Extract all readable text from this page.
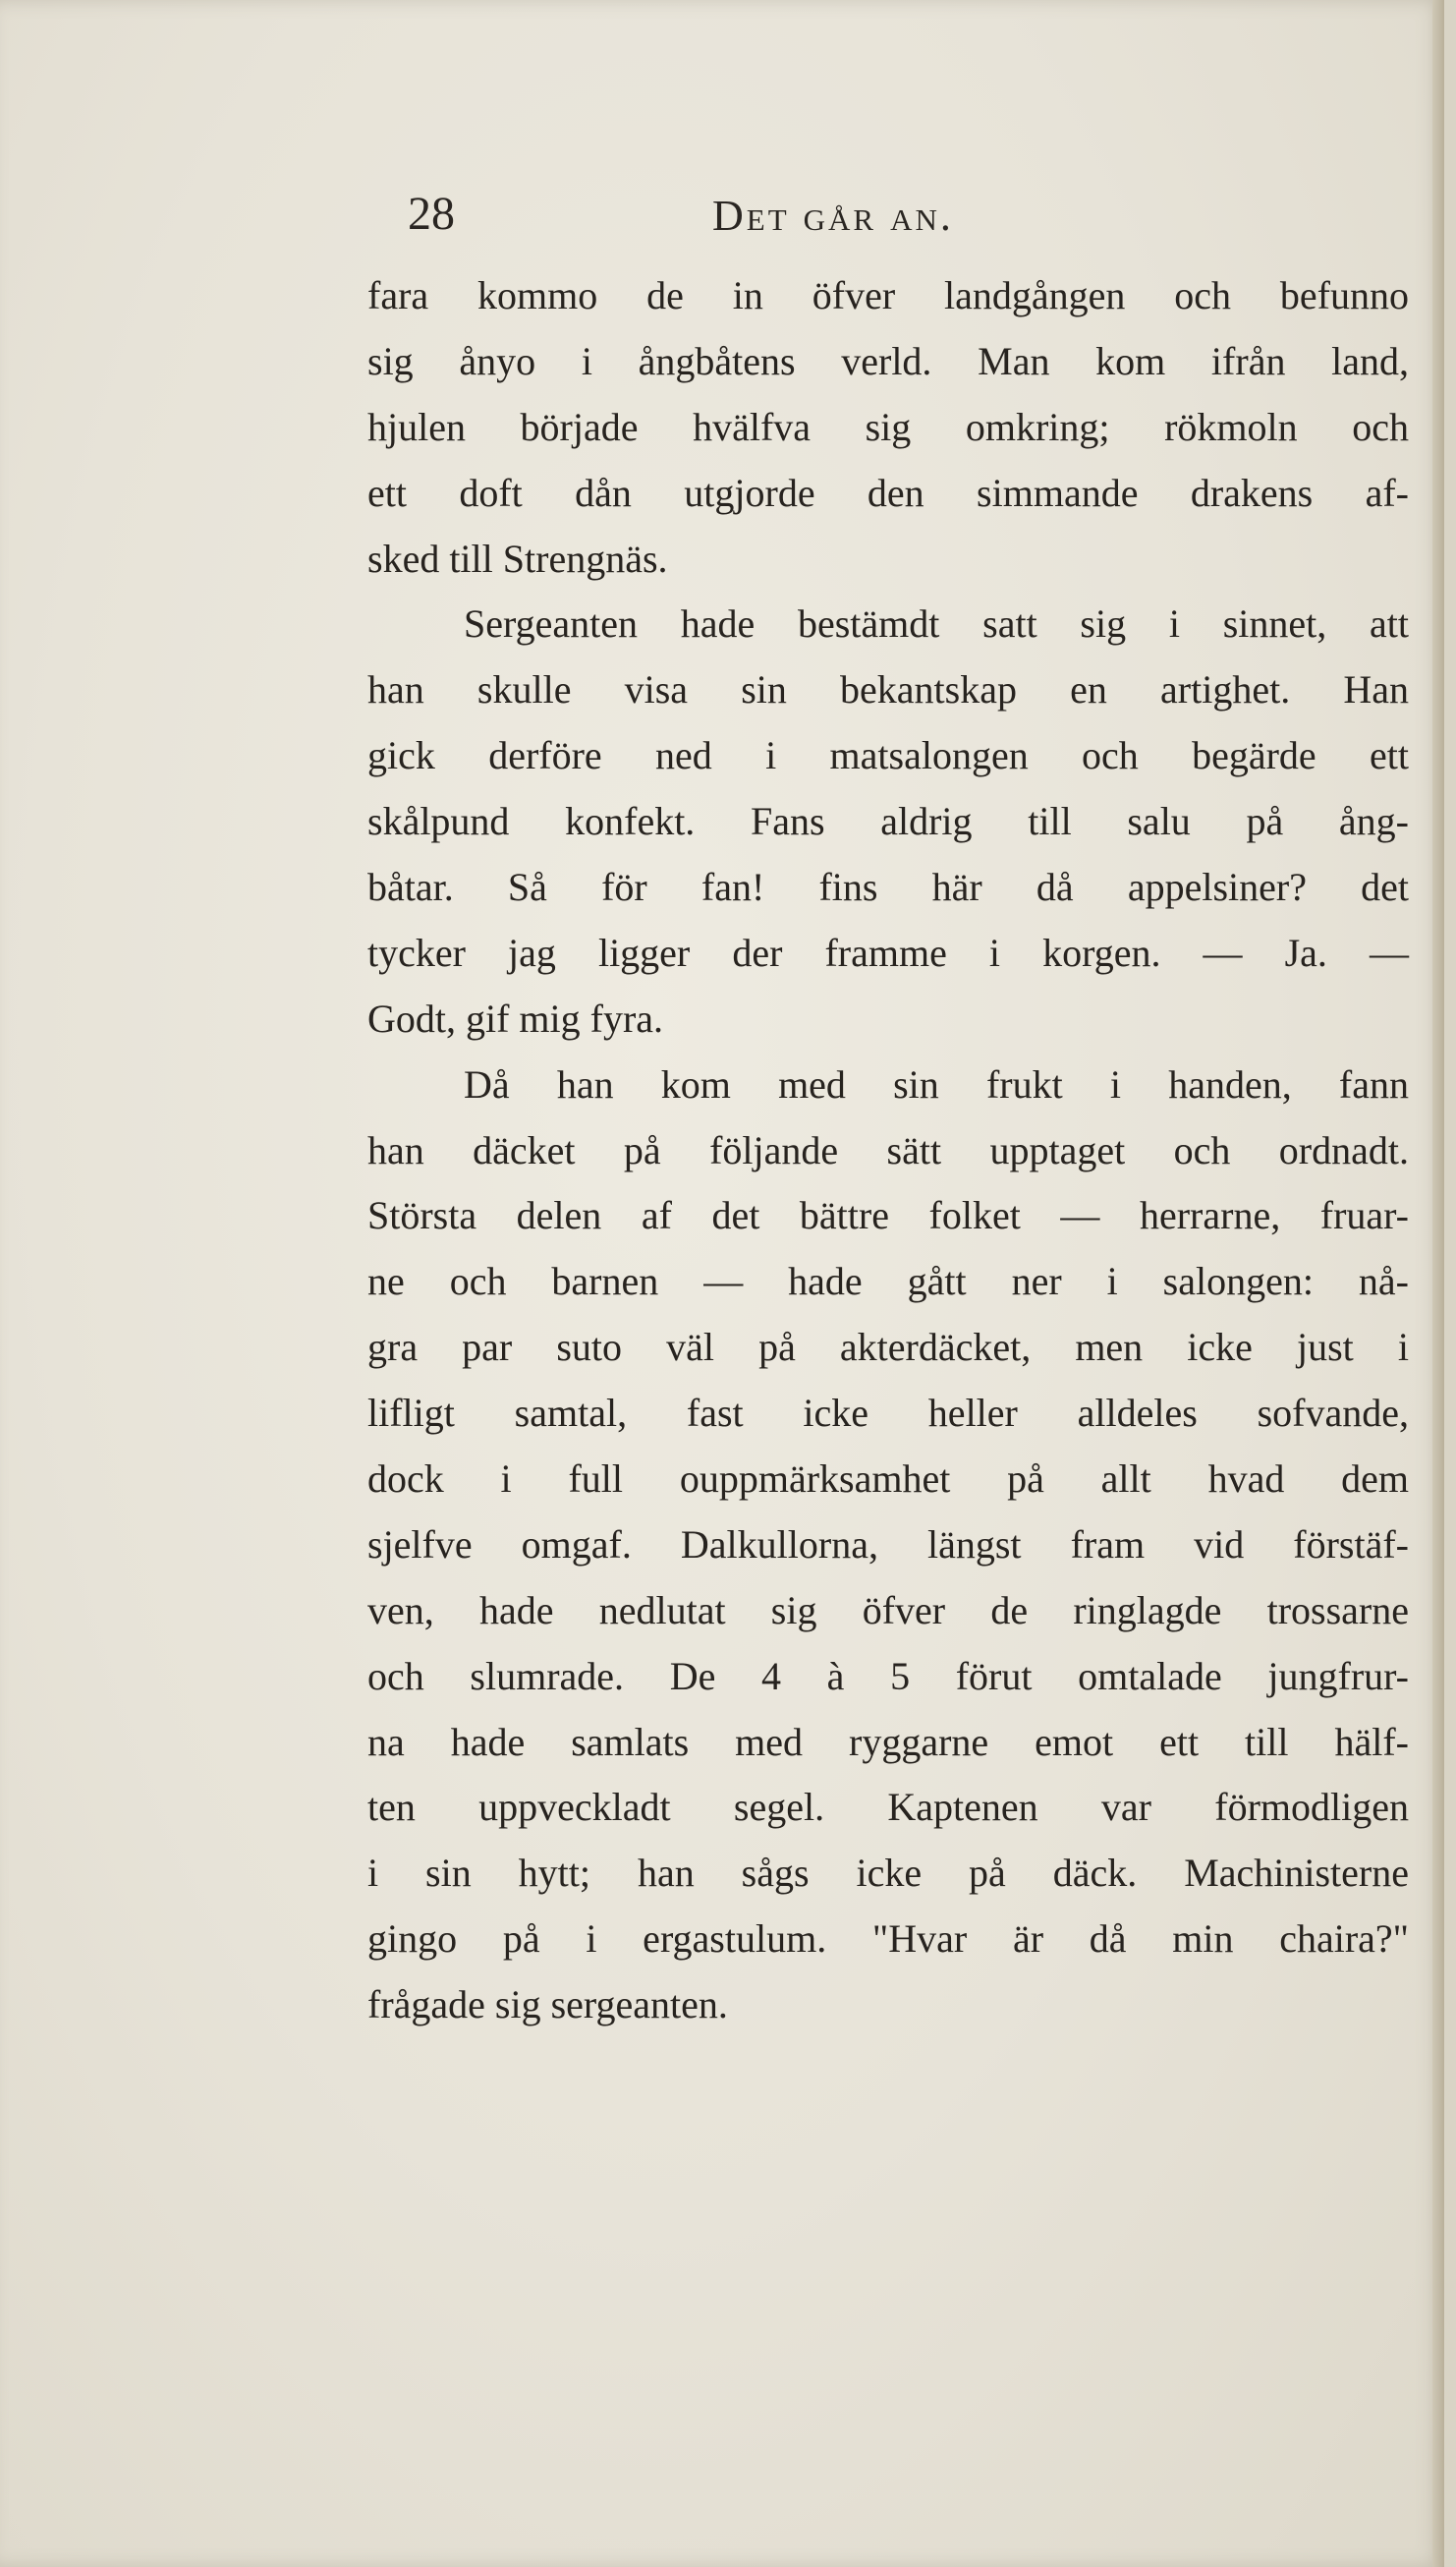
28	Det går an.
fara kommo de in öfver landgången och befunno
sig ånyo i ångbåtens verld. Man kom ifrån land,
hjulen började hvälfva sig omkring; rökmoln och
ett doft dån utgjorde den simmande drakens af-
sked till Strengnäs.
Sergeanten hade bestämdt satt sig i sinnet, att
han skulle visa sin bekantskap en artighet. Han
gick derföre ned i matsalongen och begärde ett
skålpund konfekt. Fans aldrig till salu på ång-
båtar. Så för fan! fins här då appelsiner? det
tycker jag ligger der framme i korgen. — Ja. —
Godt, gif mig fyra.
Då han kom med sin frukt i handen, fann
han däcket på följande sätt upptaget och ordnadt.
Största delen af det bättre folket — herrarne, fruar-
ne och barnen — hade gått ner i salongen: nå-
gra par suto väl på akterdäcket, men icke just i
lifligt samtal, fast icke heller alldeles sofvande,
dock i full ouppmärksamhet på allt hvad dem
sjelfve omgaf. Dalkullorna, längst fram vid förstäf-
ven, hade nedlutat sig öfver de ringlagde trossarne
och slumrade. De 4 à 5 förut omtalade jungfrur-
na hade samlats med ryggarne emot ett till hälf-
ten uppveckladt segel. Kaptenen var förmodligen
i sin hytt; han sågs icke på däck. Machinisterne
gingo på i ergastulum. "Hvar är då min chaira?"
frågade sig sergeanten.
